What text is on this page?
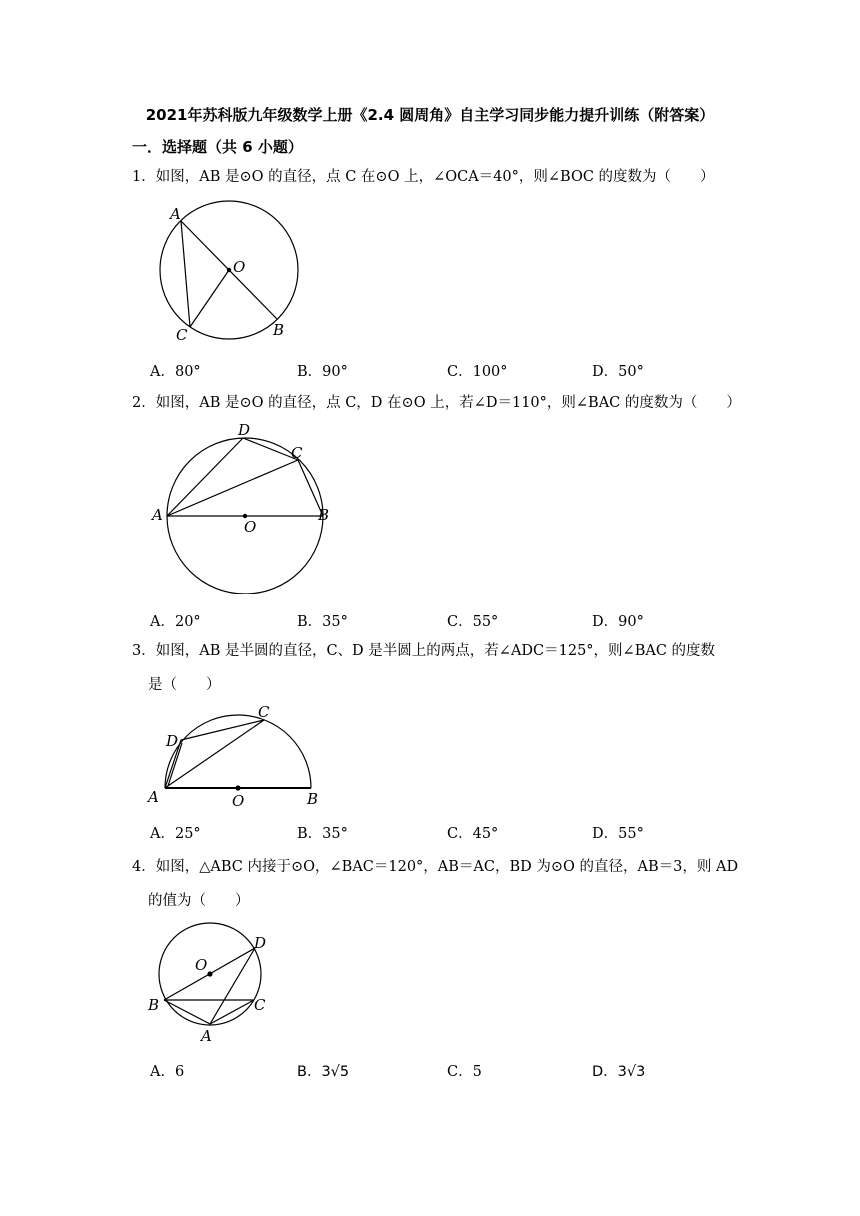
2021年苏科版九年级数学上册《2.4 圆周角》自主学习同步能力提升训练（附答案）
一．选择题（共 6 小题）
1．如图，AB 是⊙O 的直径，点 C 在⊙O 上，∠OCA＝40°，则∠BOC 的度数为（　　）
A
O
C	B
A．80°	B．90°	C．100°	D．50°
2．如图，AB 是⊙O 的直径，点 C，D 在⊙O 上，若∠D＝110°，则∠BAC 的度数为（　　）
D
C
A
O
B
A．20°	B．35°	C．55°	D．90°
3．如图，AB 是半圆的直径，C、D 是半圆上的两点，若∠ADC＝125°，则∠BAC 的度数
是（　　）
C
D
A	O	B
A．25°	B．35°	C．45°	D．55°
4．如图，△ABC 内接于⊙O，∠BAC＝120°，AB＝AC，BD 为⊙O 的直径，AB＝3，则 AD
的值为（　　）
D
O
B	C
A
A．6	B．3√5	C．5	D．3√3
